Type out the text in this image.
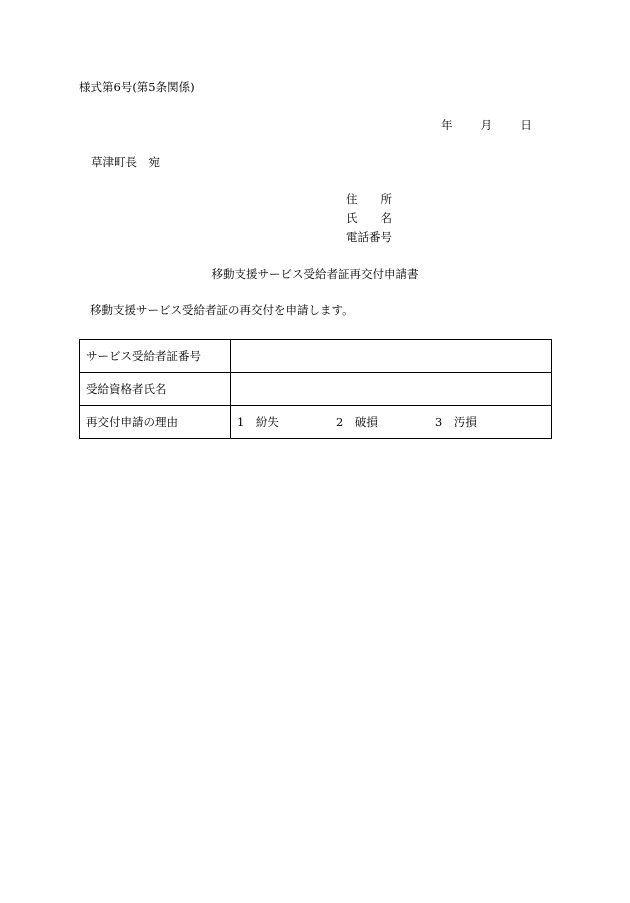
様式第6号(第5条関係)
年 月 日
草津町長　宛
住　　所
氏　　名
電話番号
移動支援サービス受給者証再交付申請書
移動支援サービス受給者証の再交付を申請します。
サービス受給者証番号	
受給資格者氏名	
再交付申請の理由	1　紛失 2　破損 3　汚損
